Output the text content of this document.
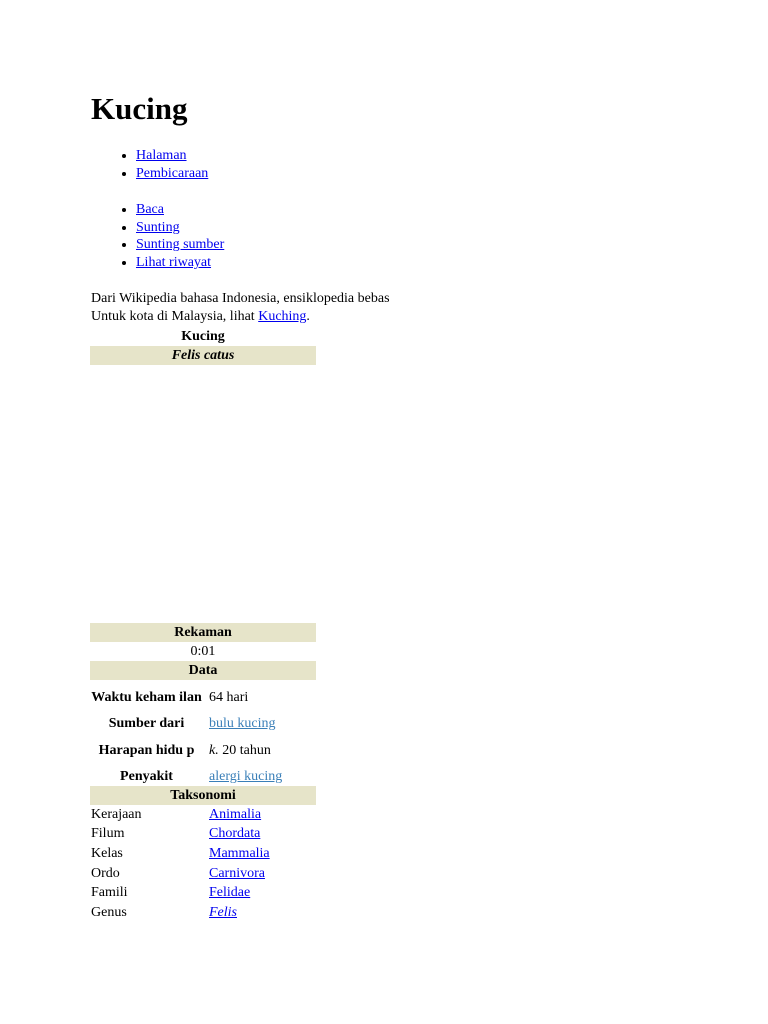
Kucing
• Halaman
• Pembicaraan
• Baca
• Sunting
• Sunting sumber
• Lihat riwayat
Dari Wikipedia bahasa Indonesia, ensiklopedia bebas
Untuk kota di Malaysia, lihat Kuching.
Kucing	
Felis catus	

Rekaman	
0:01	
Data	
Waktu keham ilan	64 hari
Sumber dari	bulu kucing
Harapan hidu p	k. 20 tahun
Penyakit	alergi kucing
Taksonomi	
Kerajaan	Animalia
Filum	Chordata
Kelas	Mammalia
Ordo	Carnivora
Famili	Felidae
Genus	Felis
